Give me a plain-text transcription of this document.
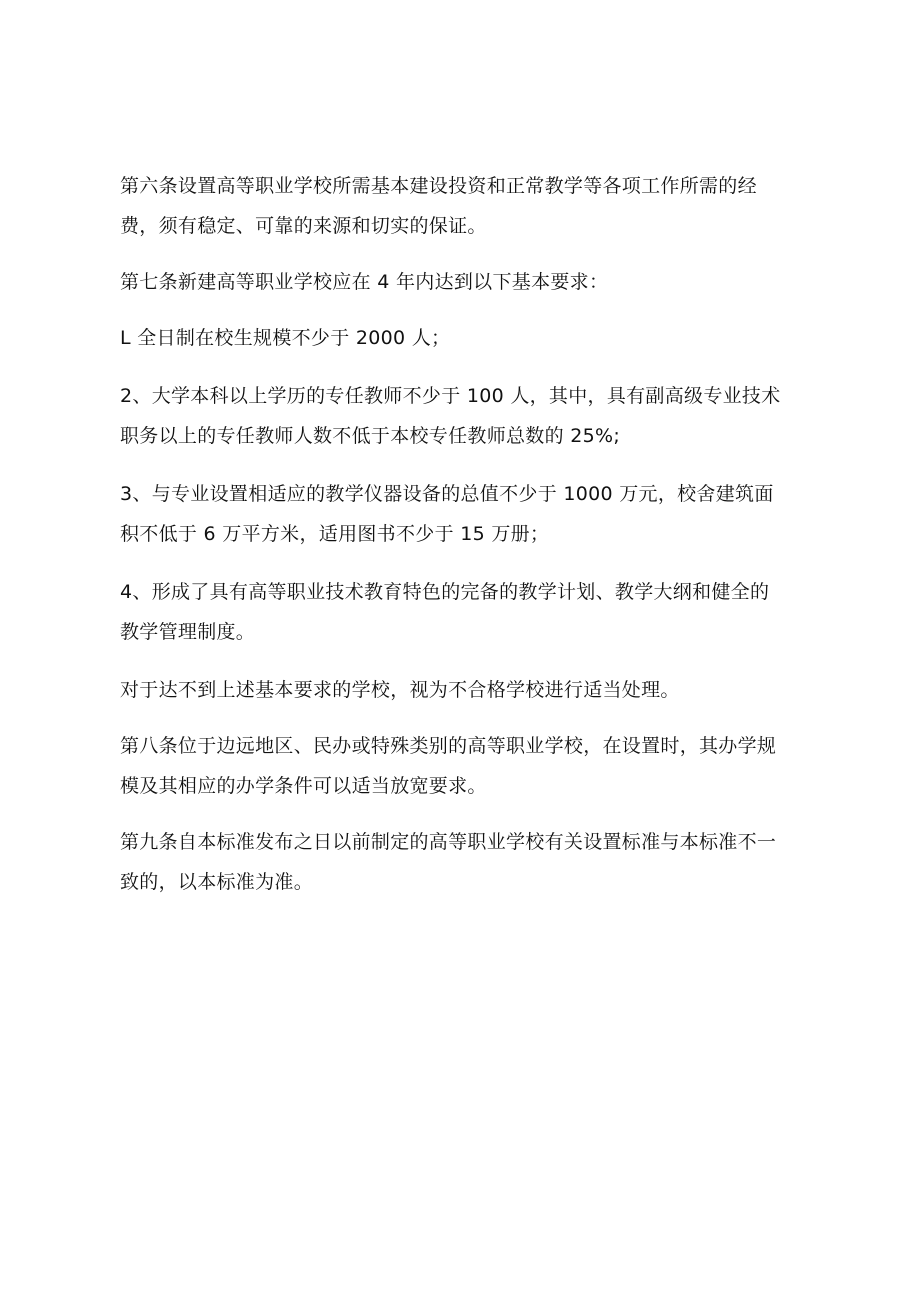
第六条设置高等职业学校所需基本建设投资和正常教学等各项工作所需的经
费，须有稳定、可靠的来源和切实的保证。

第七条新建高等职业学校应在 4 年内达到以下基本要求：

L 全日制在校生规模不少于 2000 人；

2、大学本科以上学历的专任教师不少于 100 人，其中，具有副高级专业技术
职务以上的专任教师人数不低于本校专任教师总数的 25%;

3、与专业设置相适应的教学仪器设备的总值不少于 1000 万元，校舍建筑面
积不低于 6 万平方米，适用图书不少于 15 万册；

4、形成了具有高等职业技术教育特色的完备的教学计划、教学大纲和健全的
教学管理制度。

对于达不到上述基本要求的学校，视为不合格学校进行适当处理。

第八条位于边远地区、民办或特殊类别的高等职业学校，在设置时，其办学规
模及其相应的办学条件可以适当放宽要求。

第九条自本标准发布之日以前制定的高等职业学校有关设置标准与本标准不一
致的，以本标准为准。
